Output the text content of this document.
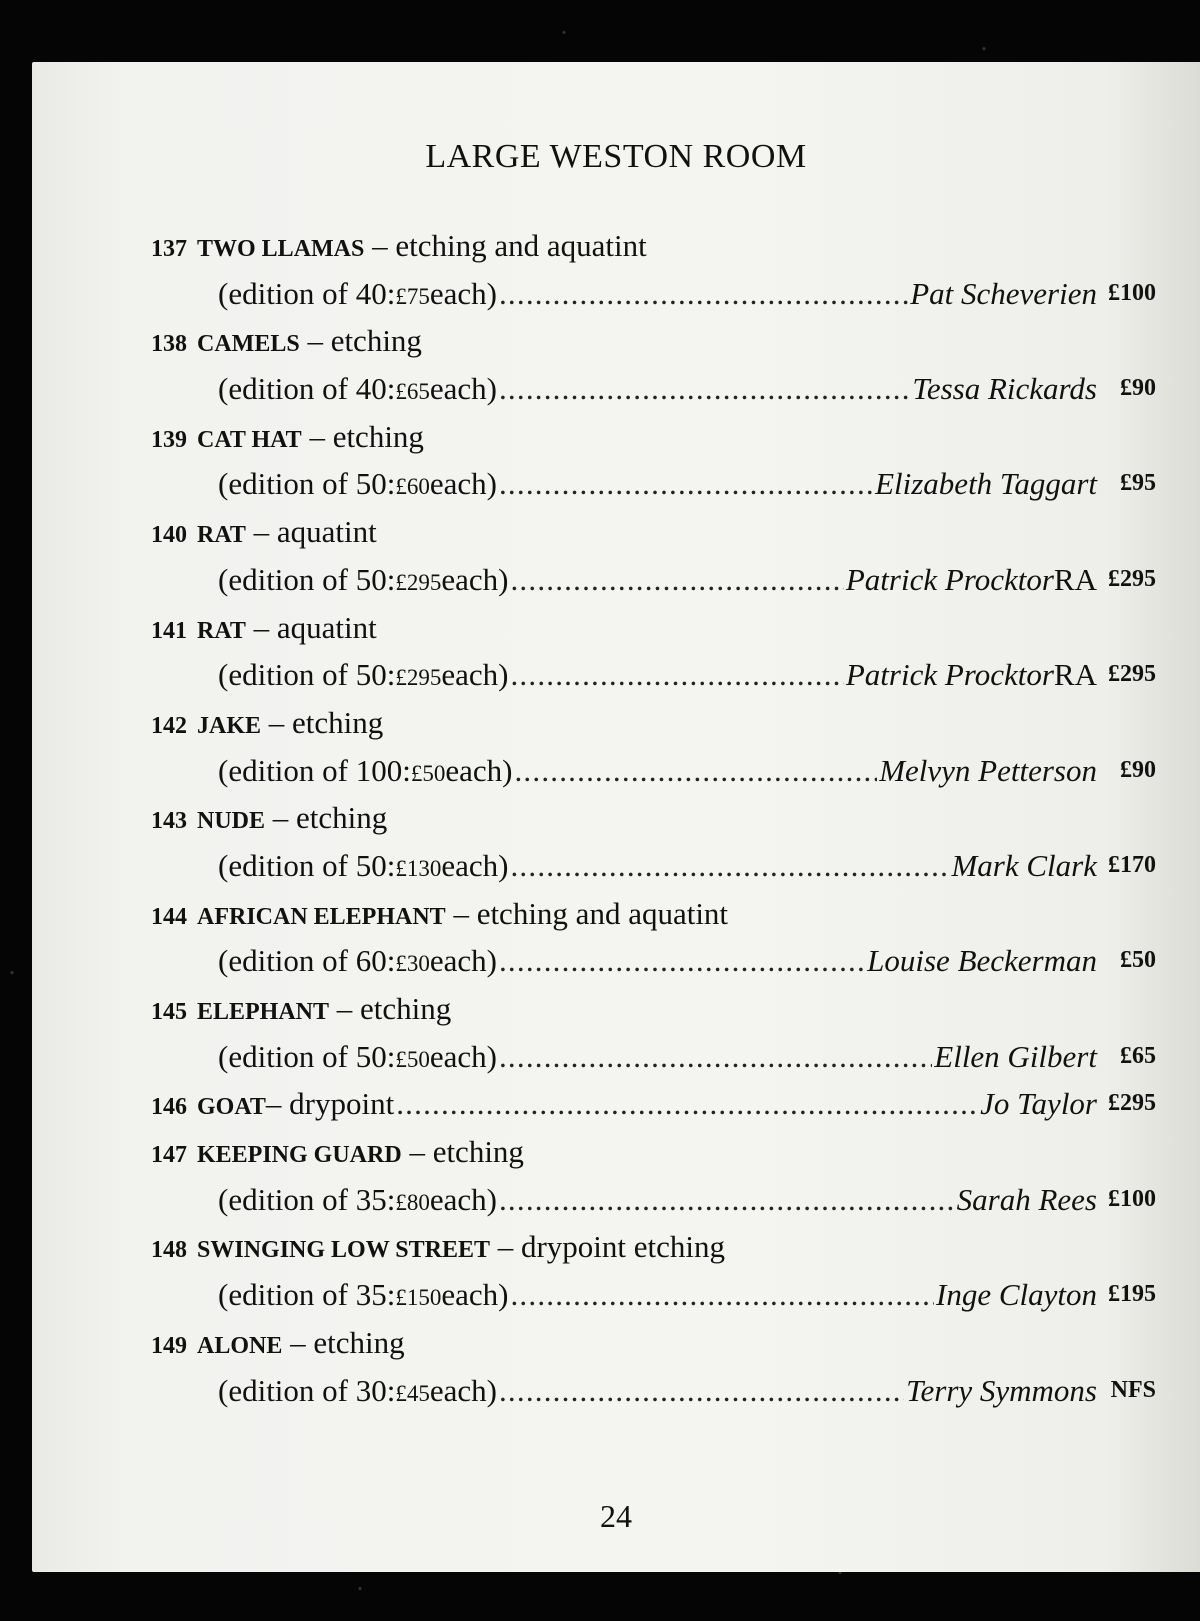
LARGE WESTON ROOM
137 TWO LLAMAS – etching and aquatint
(edition of 40: £75 each) .....	Pat Scheverien £100
138 CAMELS – etching
(edition of 40: £65 each) .....	Tessa Rickards £90
139 CAT HAT – etching
(edition of 50: £60 each) .....	Elizabeth Taggart £95
140 RAT – aquatint
(edition of 50: £295 each) .....	Patrick Procktor RA £295
141 RAT – aquatint
(edition of 50: £295 each) .....	Patrick Procktor RA £295
142 JAKE – etching
(edition of 100: £50 each) .....	Melvyn Petterson £90
143 NUDE – etching
(edition of 50: £130 each) .....	Mark Clark £170
144 AFRICAN ELEPHANT – etching and aquatint
(edition of 60: £30 each) .....	Louise Beckerman £50
145 ELEPHANT – etching
(edition of 50: £50 each) .....	Ellen Gilbert £65
146 GOAT – drypoint .....	Jo Taylor £295
147 KEEPING GUARD – etching
(edition of 35: £80 each) .....	Sarah Rees £100
148 SWINGING LOW STREET – drypoint etching
(edition of 35: £150 each) .....	Inge Clayton £195
149 ALONE – etching
(edition of 30: £45 each) .....	Terry Symmons NFS
24
